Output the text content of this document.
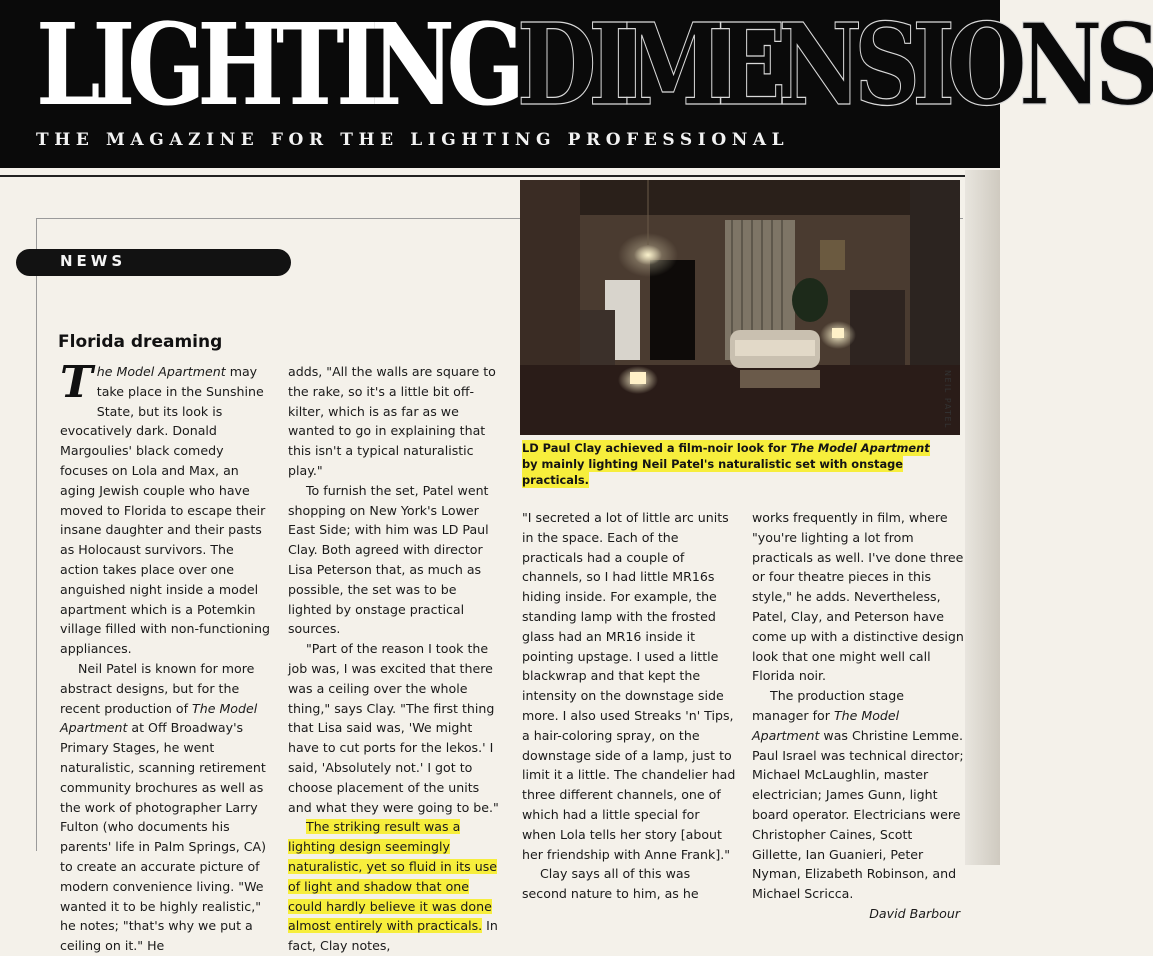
LIGHTINGDIMENSIONS
THE MAGAZINE FOR THE LIGHTING PROFESSIONAL
NEWS
Florida dreaming
NEIL PATEL
LD Paul Clay achieved a film-noir look for The Model Apartment by mainly lighting Neil Patel's naturalistic set with onstage practicals.

The Model Apartment may take place in the Sunshine State, but its look is evocatively dark. Donald Margoulies' black comedy focuses on Lola and Max, an aging Jewish couple who have moved to Florida to escape their insane daughter and their pasts as Holocaust survivors. The action takes place over one anguished night inside a model apartment which is a Potemkin village filled with non-functioning appliances.

Neil Patel is known for more abstract designs, but for the recent production of The Model Apartment at Off Broadway's Primary Stages, he went naturalistic, scanning retirement community brochures as well as the work of photographer Larry Fulton (who documents his parents' life in Palm Springs, CA) to create an accurate picture of modern convenience living. "We wanted it to be highly realistic," he notes; "that's why we put a ceiling on it." He

adds, "All the walls are square to the rake, so it's a little bit off-kilter, which is as far as we wanted to go in explaining that this isn't a typical naturalistic play."

To furnish the set, Patel went shopping on New York's Lower East Side; with him was LD Paul Clay. Both agreed with director Lisa Peterson that, as much as possible, the set was to be lighted by onstage practical sources.

"Part of the reason I took the job was, I was excited that there was a ceiling over the whole thing," says Clay. "The first thing that Lisa said was, 'We might have to cut ports for the lekos.' I said, 'Absolutely not.' I got to choose placement of the units and what they were going to be."

The striking result was a lighting design seemingly naturalistic, yet so fluid in its use of light and shadow that one could hardly believe it was done almost entirely with practicals. In fact, Clay notes,

"I secreted a lot of little arc units in the space. Each of the practicals had a couple of channels, so I had little MR16s hiding inside. For example, the standing lamp with the frosted glass had an MR16 inside it pointing upstage. I used a little blackwrap and that kept the intensity on the downstage side more. I also used Streaks 'n' Tips, a hair-coloring spray, on the downstage side of a lamp, just to limit it a little. The chandelier had three different channels, one of which had a little special for when Lola tells her story [about her friendship with Anne Frank]."

Clay says all of this was second nature to him, as he

works frequently in film, where "you're lighting a lot from practicals as well. I've done three or four theatre pieces in this style," he adds. Nevertheless, Patel, Clay, and Peterson have come up with a distinctive design look that one might well call Florida noir.

The production stage manager for The Model Apartment was Christine Lemme. Paul Israel was technical director; Michael McLaughlin, master electrician; James Gunn, light board operator. Electricians were Christopher Caines, Scott Gillette, Ian Guanieri, Peter Nyman, Elizabeth Robinson, and Michael Scricca.

David Barbour
